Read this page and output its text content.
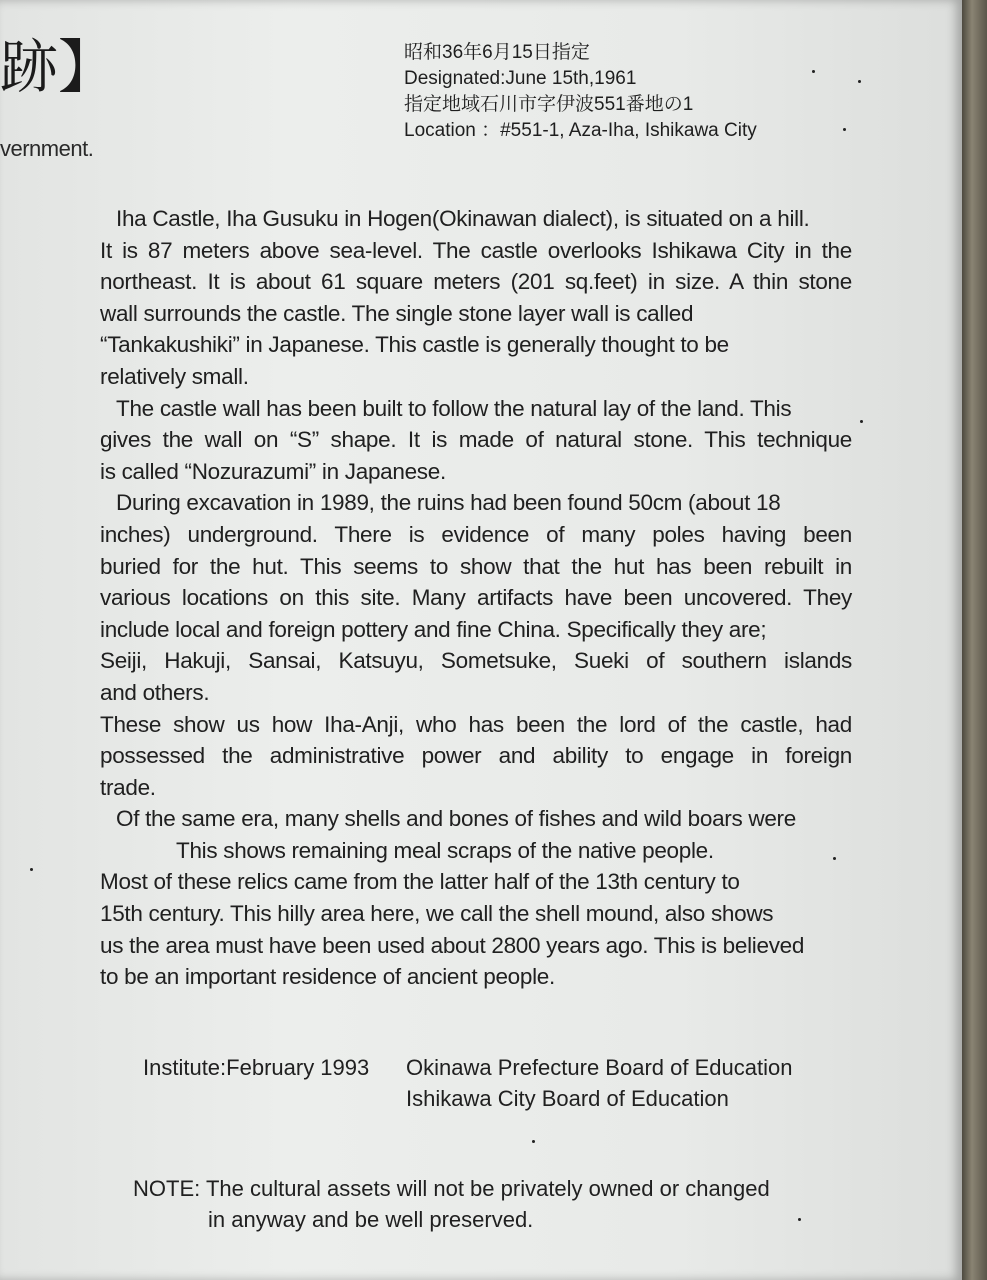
跡】
vernment.
昭和36年6月15日指定
Designated:June 15th,1961
指定地域石川市字伊波551番地の1
Location ：#551-1, Aza-Iha, Ishikawa City
Iha Castle, Iha Gusuku in Hogen(Okinawan dialect), is situated on a hill.
It is 87 meters above sea-level. The castle overlooks Ishikawa City in the
northeast. It is about 61 square meters (201 sq.feet) in size. A thin stone
wall surrounds the castle. The single stone layer wall is called
“Tankakushiki” in Japanese. This castle is generally thought to be
relatively small.
The castle wall has been built to follow the natural lay of the land. This
gives the wall on “S” shape. It is made of natural stone. This technique
is called “Nozurazumi” in Japanese.
During excavation in 1989, the ruins had been found 50cm (about 18
inches) underground. There is evidence of many poles having been
buried for the hut. This seems to show that the hut has been rebuilt in
various locations on this site. Many artifacts have been uncovered. They
include local and foreign pottery and fine China. Specifically they are;
Seiji, Hakuji, Sansai, Katsuyu, Sometsuke, Sueki of southern islands
and others.
These show us how Iha-Anji, who has been the lord of the castle, had
possessed the administrative power and ability to engage in foreign
trade.
Of the same era, many shells and bones of fishes and wild boars were
This shows remaining meal scraps of the native people.
Most of these relics came from the latter half of the 13th century to
15th century. This hilly area here, we call the shell mound, also shows
us the area must have been used about 2800 years ago. This is believed
to be an important residence of ancient people.
Institute:February 1993 Okinawa Prefecture Board of Education
Ishikawa City Board of Education
NOTE: The cultural assets will not be privately owned or changed
in anyway and be well preserved.
